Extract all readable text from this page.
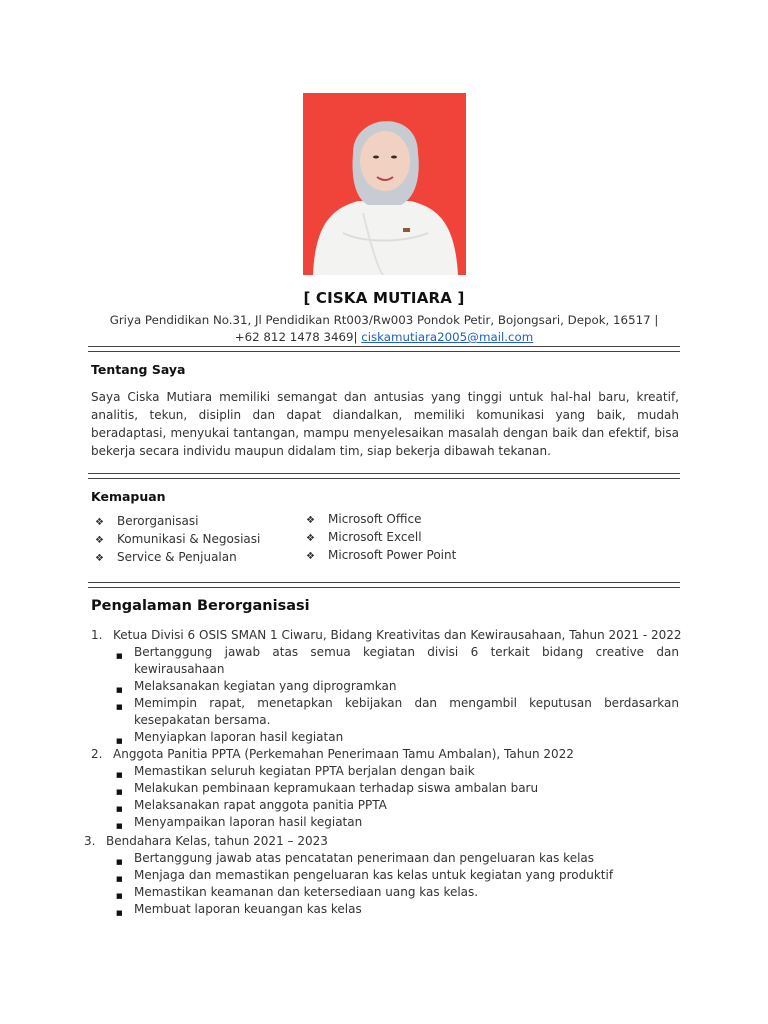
[ CISKA MUTIARA ]
Griya Pendidikan No.31, Jl Pendidikan Rt003/Rw003 Pondok Petir, Bojongsari, Depok, 16517 |
+62 812 1478 3469| ciskamutiara2005@mail.com
Tentang Saya
Saya Ciska Mutiara memiliki semangat dan antusias yang tinggi untuk hal-hal baru, kreatif, analitis, tekun, disiplin dan dapat diandalkan, memiliki komunikasi yang baik, mudah beradaptasi, menyukai tantangan, mampu menyelesaikan masalah dengan baik dan efektif, bisa bekerja secara individu maupun didalam tim, siap bekerja dibawah tekanan.
Kemapuan
❖ Berorganisasi
❖ Komunikasi & Negosiasi
❖ Service & Penjualan
❖ Microsoft Office
❖ Microsoft Excell
❖ Microsoft Power Point
Pengalaman Berorganisasi
1. Ketua Divisi 6 OSIS SMAN 1 Ciwaru, Bidang Kreativitas dan Kewirausahaan, Tahun 2021 - 2022
■ Bertanggung jawab atas semua kegiatan divisi 6 terkait bidang creative dan kewirausahaan
■ Melaksanakan kegiatan yang diprogramkan
■ Memimpin rapat, menetapkan kebijakan dan mengambil keputusan berdasarkan kesepakatan bersama.
■ Menyiapkan laporan hasil kegiatan
2. Anggota Panitia PPTA (Perkemahan Penerimaan Tamu Ambalan), Tahun 2022
■ Memastikan seluruh kegiatan PPTA berjalan dengan baik
■ Melakukan pembinaan kepramukaan terhadap siswa ambalan baru
■ Melaksanakan rapat anggota panitia PPTA
■ Menyampaikan laporan hasil kegiatan
3. Bendahara Kelas, tahun 2021 – 2023
■ Bertanggung jawab atas pencatatan penerimaan dan pengeluaran kas kelas
■ Menjaga dan memastikan pengeluaran kas kelas untuk kegiatan yang produktif
■ Memastikan keamanan dan ketersediaan uang kas kelas.
■ Membuat laporan keuangan kas kelas
